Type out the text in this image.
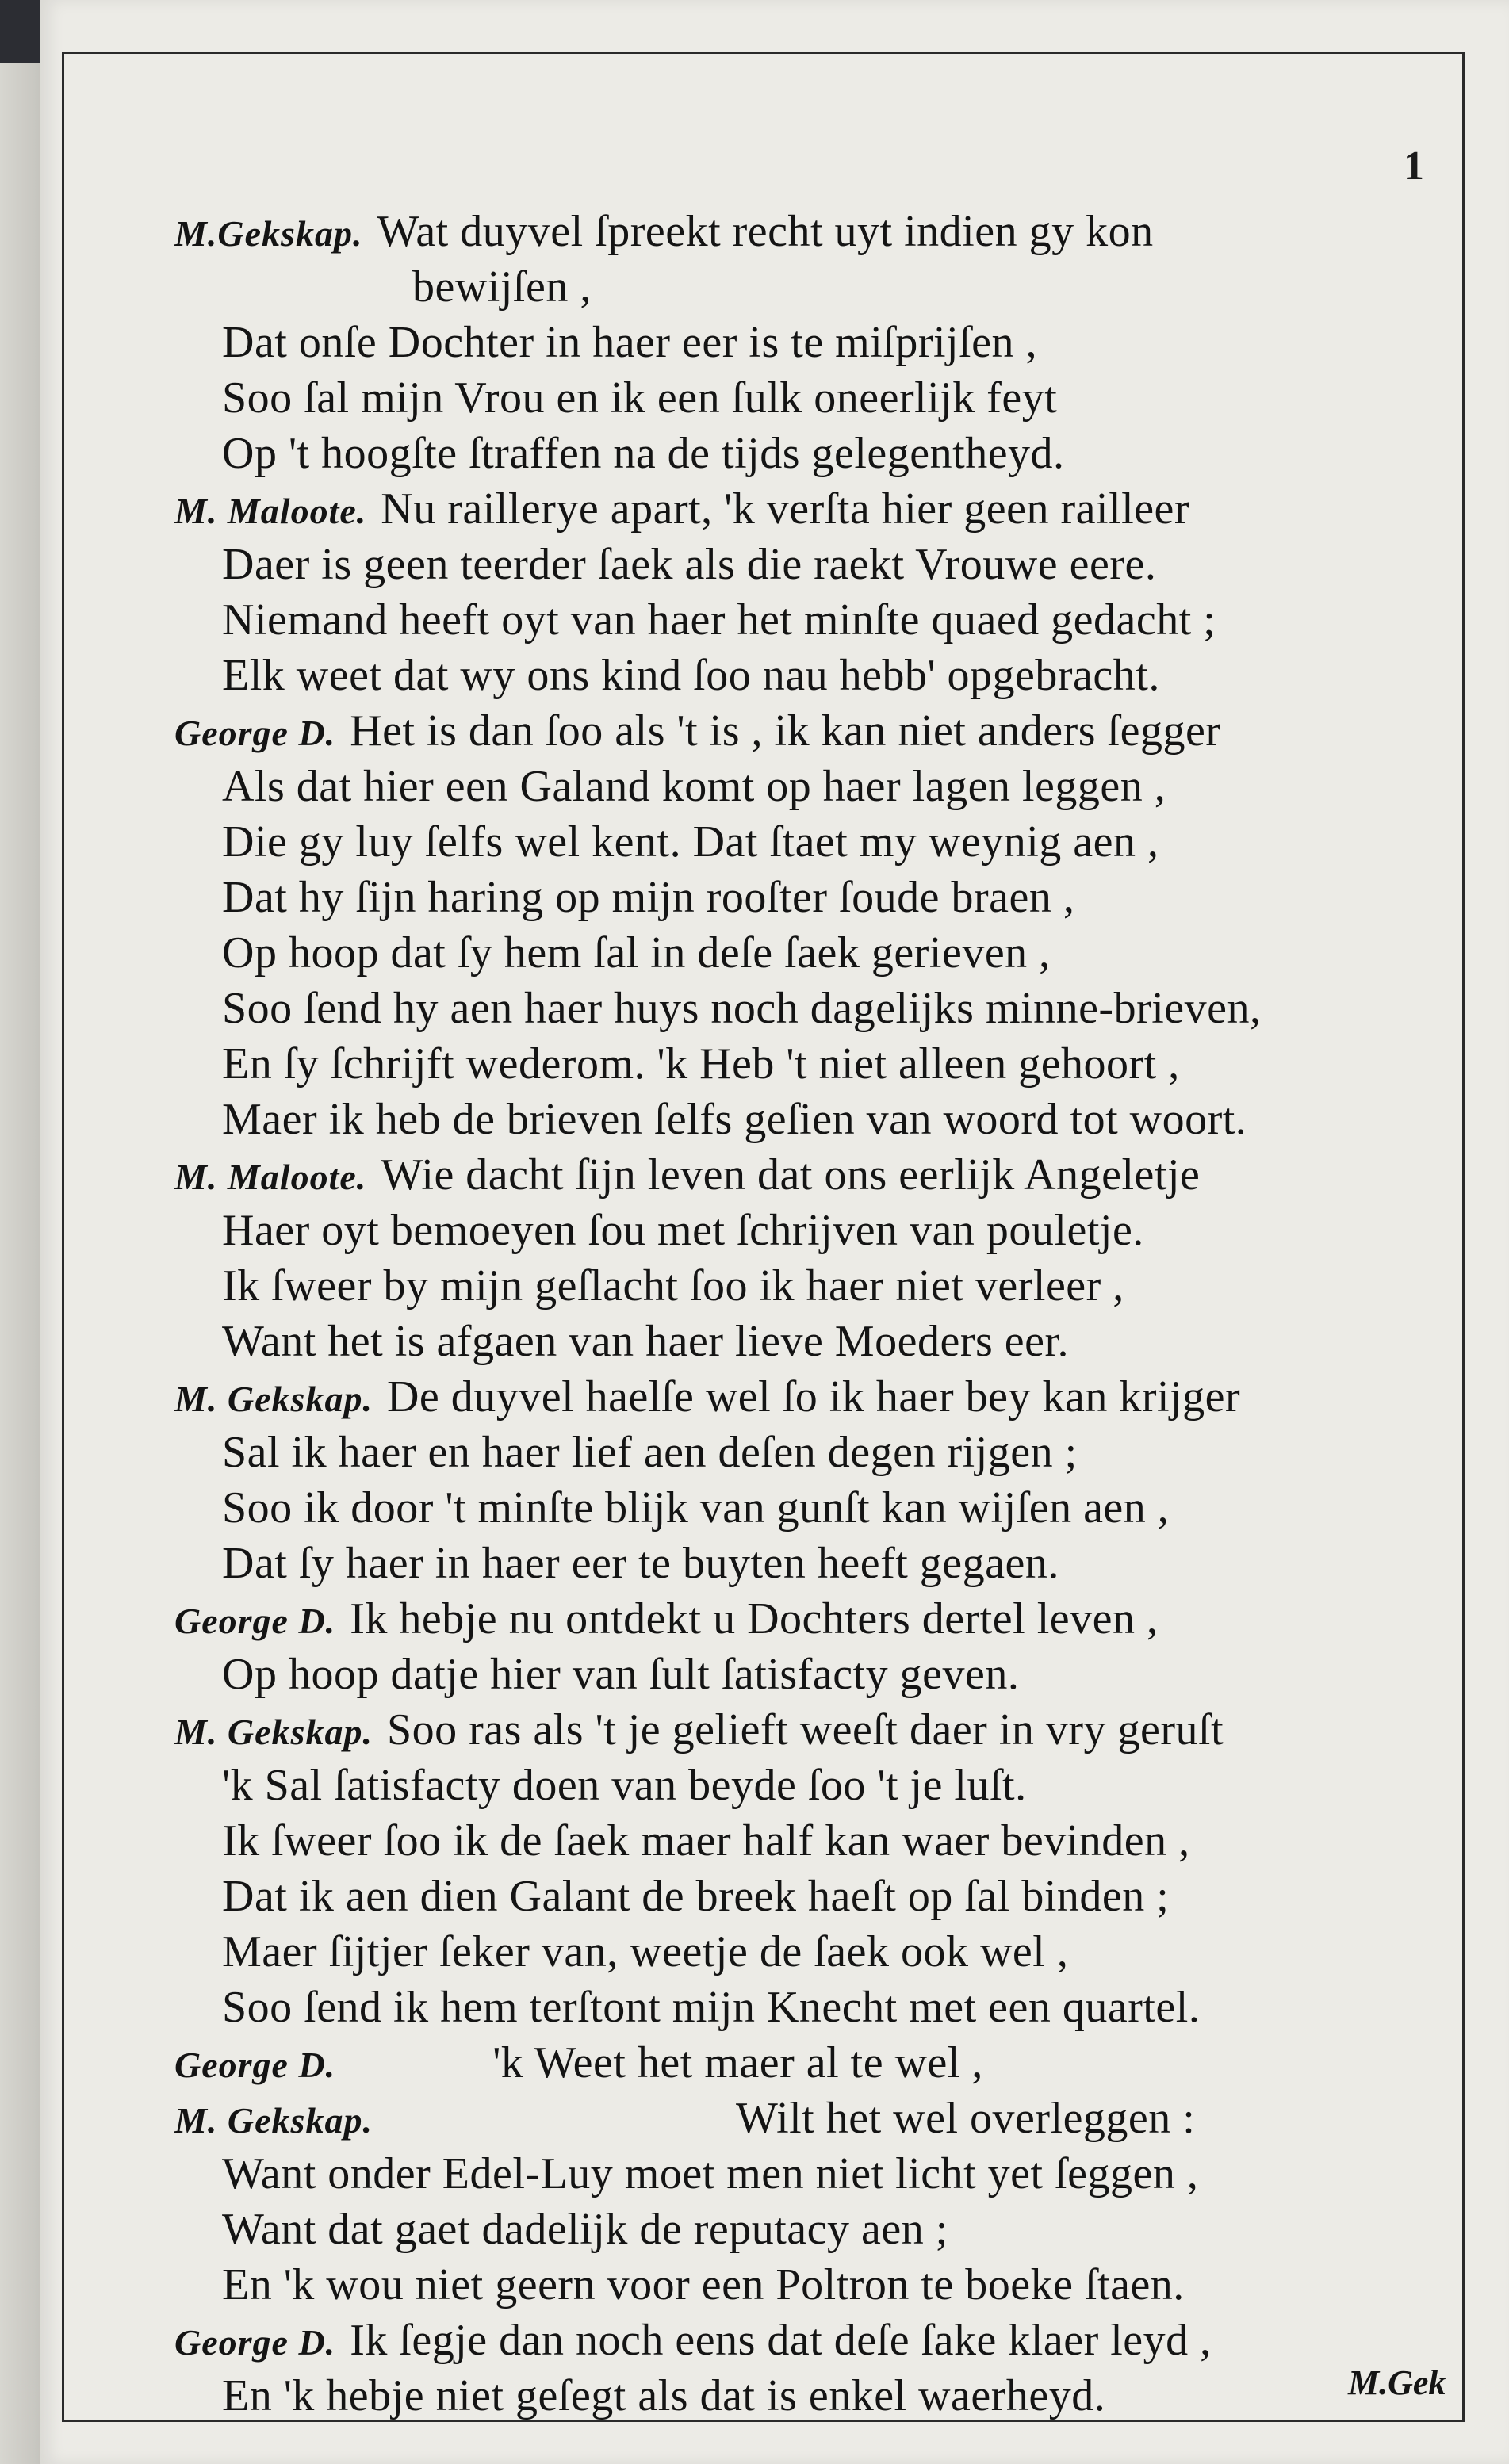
1
M.Gekskap. Wat duyvel ſpreekt recht uyt indien gy kon
bewijſen ,
Dat onſe Dochter in haer eer is te miſprijſen ,
Soo ſal mijn Vrou en ik een ſulk oneerlijk feyt
Op 't hoogſte ſtraffen na de tijds gelegentheyd.
M. Maloote. Nu raillerye apart, 'k verſta hier geen railleer
Daer is geen teerder ſaek als die raekt Vrouwe eere.
Niemand heeft oyt van haer het minſte quaed gedacht ;
Elk weet dat wy ons kind ſoo nau hebb' opgebracht.
George D. Het is dan ſoo als 't is , ik kan niet anders ſegger
Als dat hier een Galand komt op haer lagen leggen ,
Die gy luy ſelfs wel kent. Dat ſtaet my weynig aen ,
Dat hy ſijn haring op mijn rooſter ſoude braen ,
Op hoop dat ſy hem ſal in deſe ſaek gerieven ,
Soo ſend hy aen haer huys noch dagelijks minne-brieven,
En ſy ſchrijft wederom. 'k Heb 't niet alleen gehoort ,
Maer ik heb de brieven ſelfs geſien van woord tot woort.
M. Maloote. Wie dacht ſijn leven dat ons eerlijk Angeletje
Haer oyt bemoeyen ſou met ſchrijven van pouletje.
Ik ſweer by mijn geſlacht ſoo ik haer niet verleer ,
Want het is afgaen van haer lieve Moeders eer.
M. Gekskap. De duyvel haelſe wel ſo ik haer bey kan krijger
Sal ik haer en haer lief aen deſen degen rijgen ;
Soo ik door 't minſte blijk van gunſt kan wijſen aen ,
Dat ſy haer in haer eer te buyten heeft gegaen.
George D. Ik hebje nu ontdekt u Dochters dertel leven ,
Op hoop datje hier van ſult ſatisfacty geven.
M. Gekskap. Soo ras als 't je gelieft weeſt daer in vry geruſt
'k Sal ſatisfacty doen van beyde ſoo 't je luſt.
Ik ſweer ſoo ik de ſaek maer half kan waer bevinden ,
Dat ik aen dien Galant de breek haeſt op ſal binden ;
Maer ſijtjer ſeker van, weetje de ſaek ook wel ,
Soo ſend ik hem terſtont mijn Knecht met een quartel.
George D.	'k Weet het maer al te wel ,
M. Gekskap.	Wilt het wel overleggen :
Want onder Edel-Luy moet men niet licht yet ſeggen ,
Want dat gaet dadelijk de reputacy aen ;
En 'k wou niet geern voor een Poltron te boeke ſtaen.
George D. Ik ſegje dan noch eens dat deſe ſake klaer leyd ,
En 'k hebje niet geſegt als dat is enkel waerheyd.	M.Gek
